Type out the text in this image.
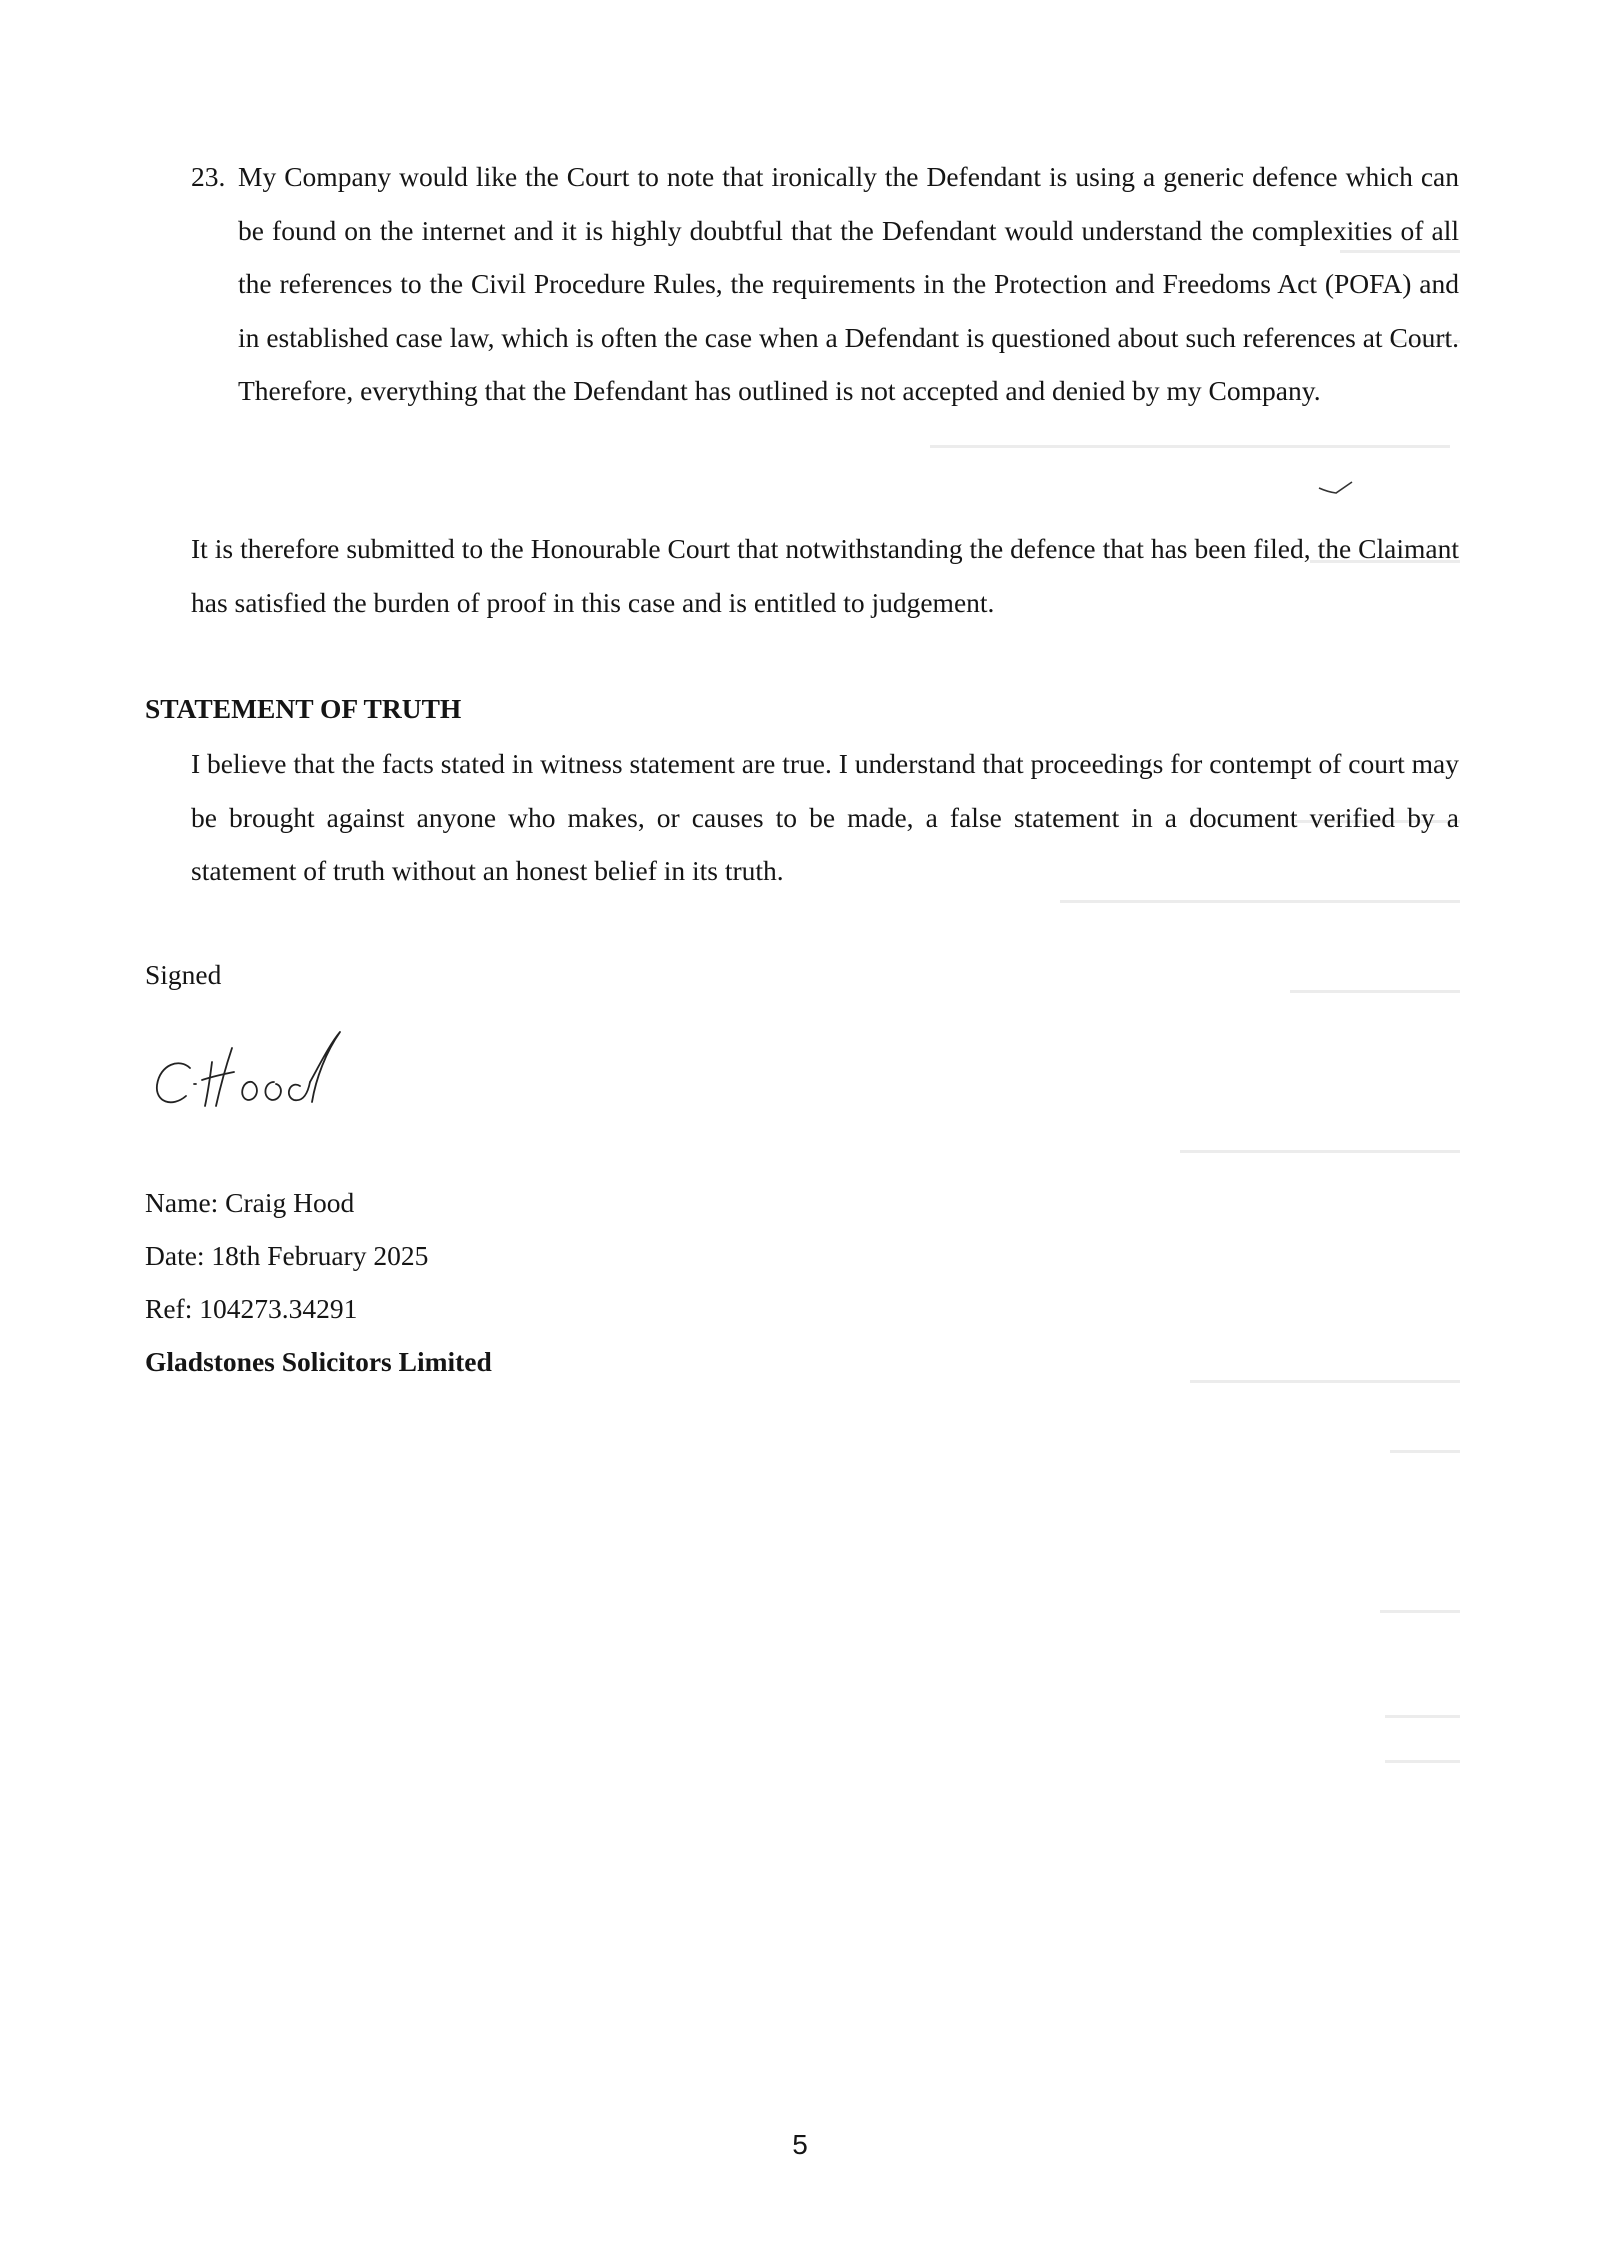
23. My Company would like the Court to note that ironically the Defendant is using a generic defence which can be found on the internet and it is highly doubtful that the Defendant would understand the complexities of all the references to the Civil Procedure Rules, the requirements in the Protection and Freedoms Act (POFA) and in established case law, which is often the case when a Defendant is questioned about such references at Court. Therefore, everything that the Defendant has outlined is not accepted and denied by my Company.
It is therefore submitted to the Honourable Court that notwithstanding the defence that has been filed, the Claimant has satisfied the burden of proof in this case and is entitled to judgement.
STATEMENT OF TRUTH
I believe that the facts stated in witness statement are true. I understand that proceedings for contempt of court may be brought against anyone who makes, or causes to be made, a false statement in a document verified by a statement of truth without an honest belief in its truth.
Signed
Name: Craig Hood
Date: 18th February 2025
Ref: 104273.34291
Gladstones Solicitors Limited
5
